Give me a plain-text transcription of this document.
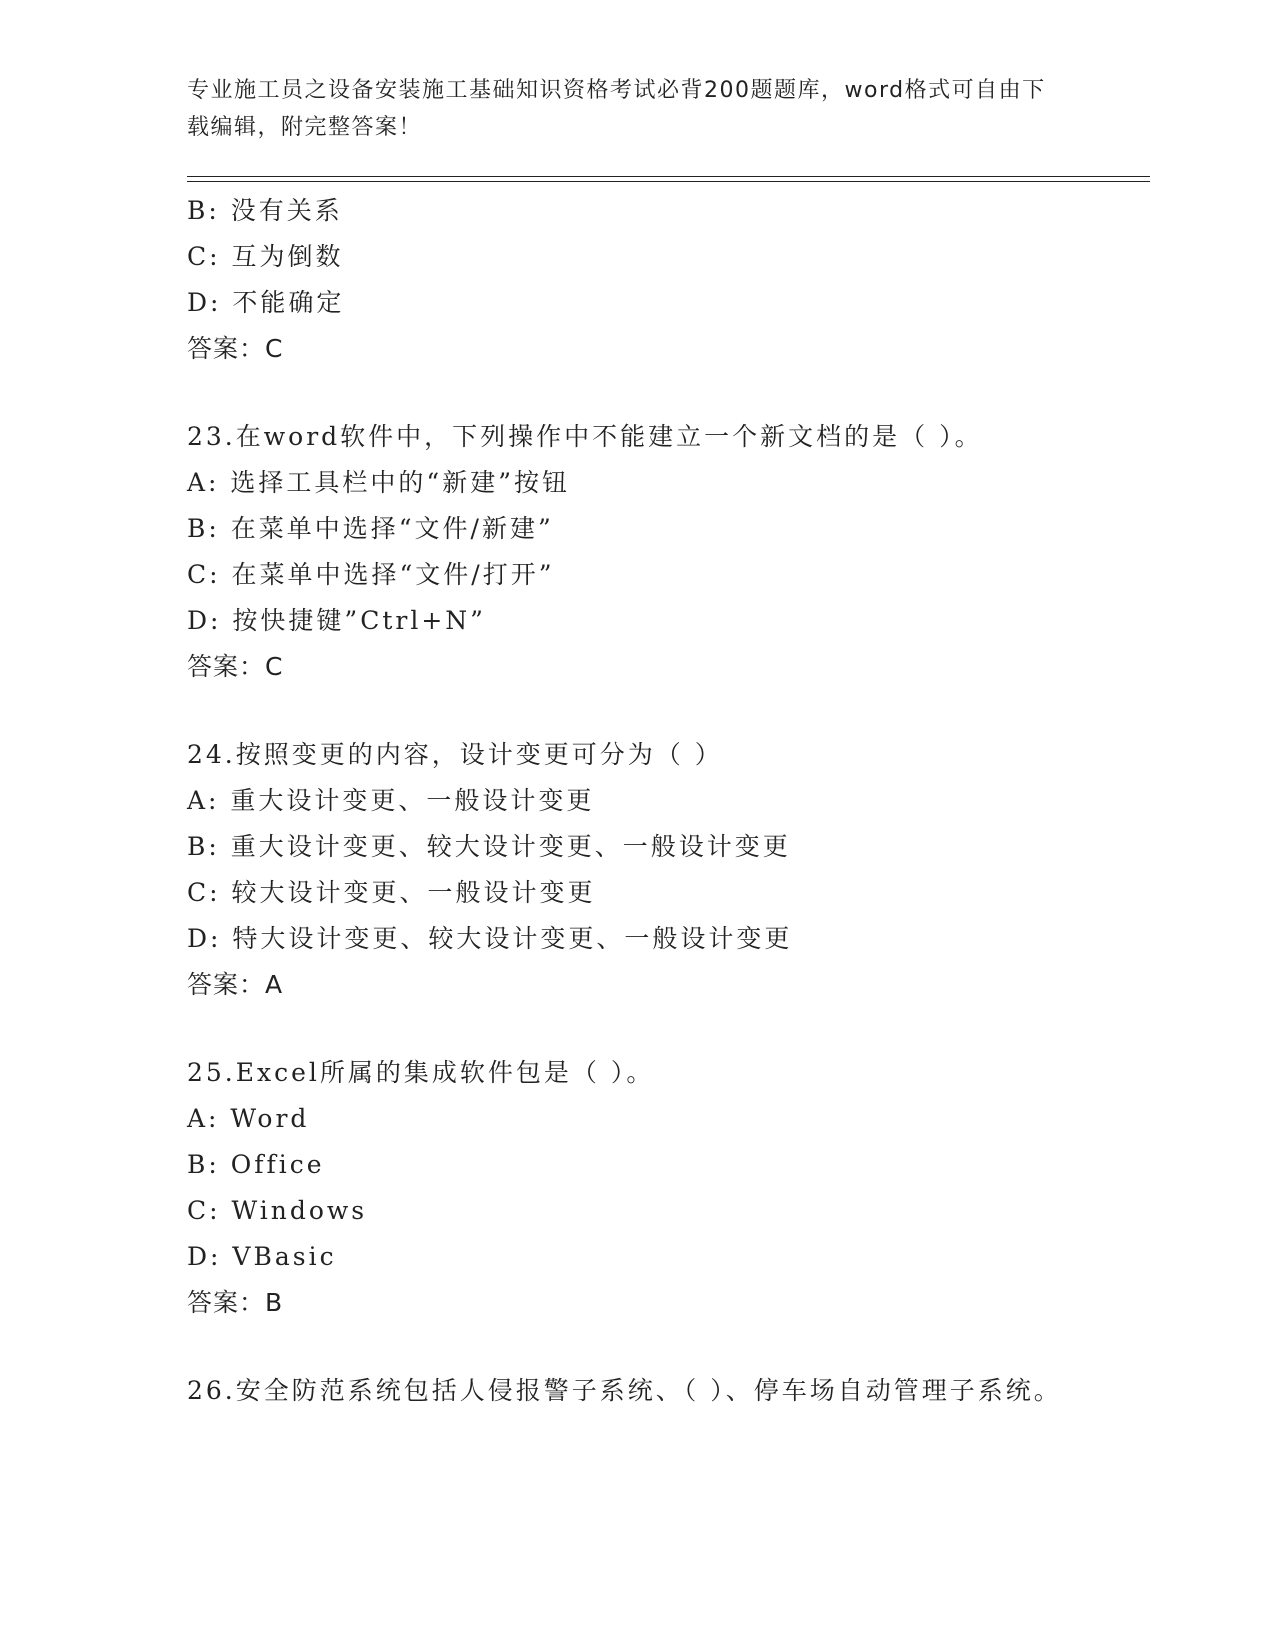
专业施工员之设备安装施工基础知识资格考试必背200题题库，word格式可自由下载编辑，附完整答案！

B: 没有关系

C: 互为倒数

D: 不能确定

答案：C

23.在word软件中，下列操作中不能建立一个新文档的是（ ）。

A: 选择工具栏中的“新建”按钮

B: 在菜单中选择“文件/新建”

C: 在菜单中选择“文件/打开”

D: 按快捷键”Ctrl+N”

答案：C

24.按照变更的内容，设计变更可分为（ ）

A: 重大设计变更、一般设计变更

B: 重大设计变更、较大设计变更、一般设计变更

C: 较大设计变更、一般设计变更

D: 特大设计变更、较大设计变更、一般设计变更

答案：A

25.Excel所属的集成软件包是（ ）。

A: Word

B: Office

C: Windows

D: VBasic

答案：B

26.安全防范系统包括人侵报警子系统、（ ）、停车场自动管理子系统。
